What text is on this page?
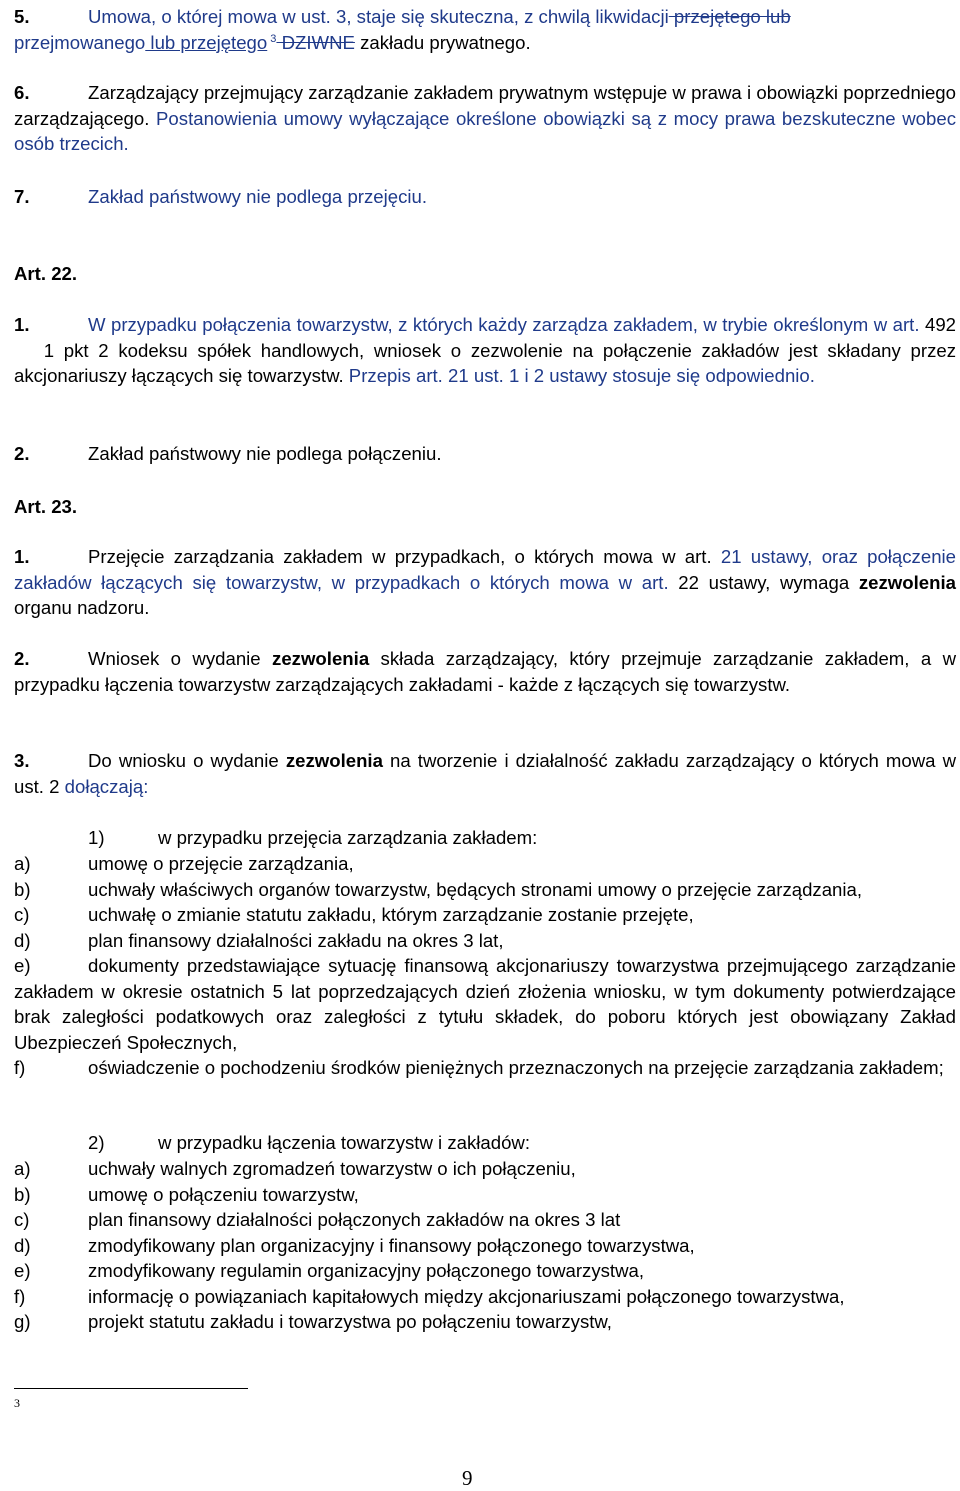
5.	Umowa, o której mowa w ust. 3, staje się skuteczna, z chwilą likwidacji przejętego lub
przejmowanego lub przejętego $^3$ DZIWNE zakładu prywatnego.

6.	Zarządzający przejmujący zarządzanie zakładem prywatnym wstępuje w prawa i obowiązki poprzedniego zarządzającego. Postanowienia umowy wyłączające określone obowiązki są z mocy prawa bezskuteczne wobec osób trzecich.

7.	Zakład państwowy nie podlega przejęciu.

Art. 22.

1.	W przypadku połączenia towarzystw, z których każdy zarządza zakładem, w trybie określonym w art. 492 1 pkt 2 kodeksu spółek handlowych, wniosek o zezwolenie na połączenie zakładów jest składany przez akcjonariuszy łączących się towarzystw. Przepis art. 21 ust. 1 i 2 ustawy stosuje się odpowiednio.

2.	Zakład państwowy nie podlega połączeniu.

Art. 23.

1.	Przejęcie zarządzania zakładem w przypadkach, o których mowa w art. 21 ustawy, oraz połączenie zakładów łączących się towarzystw, w przypadkach o których mowa w art. 22 ustawy, wymaga zezwolenia organu nadzoru.

2.	Wniosek o wydanie zezwolenia składa zarządzający, który przejmuje zarządzanie zakładem, a w przypadku łączenia towarzystw zarządzających zakładami - każde z łączących się towarzystw.

3.	Do wniosku o wydanie zezwolenia na tworzenie i działalność zakładu zarządzający o których mowa w ust. 2 dołączają:

1)	w przypadku przejęcia zarządzania zakładem:

a)	umowę o przejęcie zarządzania,

b)	uchwały właściwych organów towarzystw, będących stronami umowy o przejęcie zarządzania,

c)	uchwałę o zmianie statutu zakładu, którym zarządzanie zostanie przejęte,

d)	plan finansowy działalności zakładu na okres 3 lat,

e)	dokumenty przedstawiające sytuację finansową akcjonariuszy towarzystwa przejmującego zarządzanie zakładem w okresie ostatnich 5 lat poprzedzających dzień złożenia wniosku, w tym dokumenty potwierdzające brak zaległości podatkowych oraz zaległości z tytułu składek, do poboru których jest obowiązany Zakład Ubezpieczeń Społecznych,

f)	oświadczenie o pochodzeniu środków pieniężnych przeznaczonych na przejęcie zarządzania zakładem;

2)	w przypadku łączenia towarzystw i zakładów:

a)	uchwały walnych zgromadzeń towarzystw o ich połączeniu,

b)	umowę o połączeniu towarzystw,

c)	plan finansowy działalności połączonych zakładów na okres 3 lat

d)	zmodyfikowany plan organizacyjny i finansowy połączonego towarzystwa,

e)	zmodyfikowany regulamin organizacyjny połączonego towarzystwa,

f)	informację o powiązaniach kapitałowych między akcjonariuszami połączonego towarzystwa,

g)	projekt statutu zakładu i towarzystwa po połączeniu towarzystw,

3
9
